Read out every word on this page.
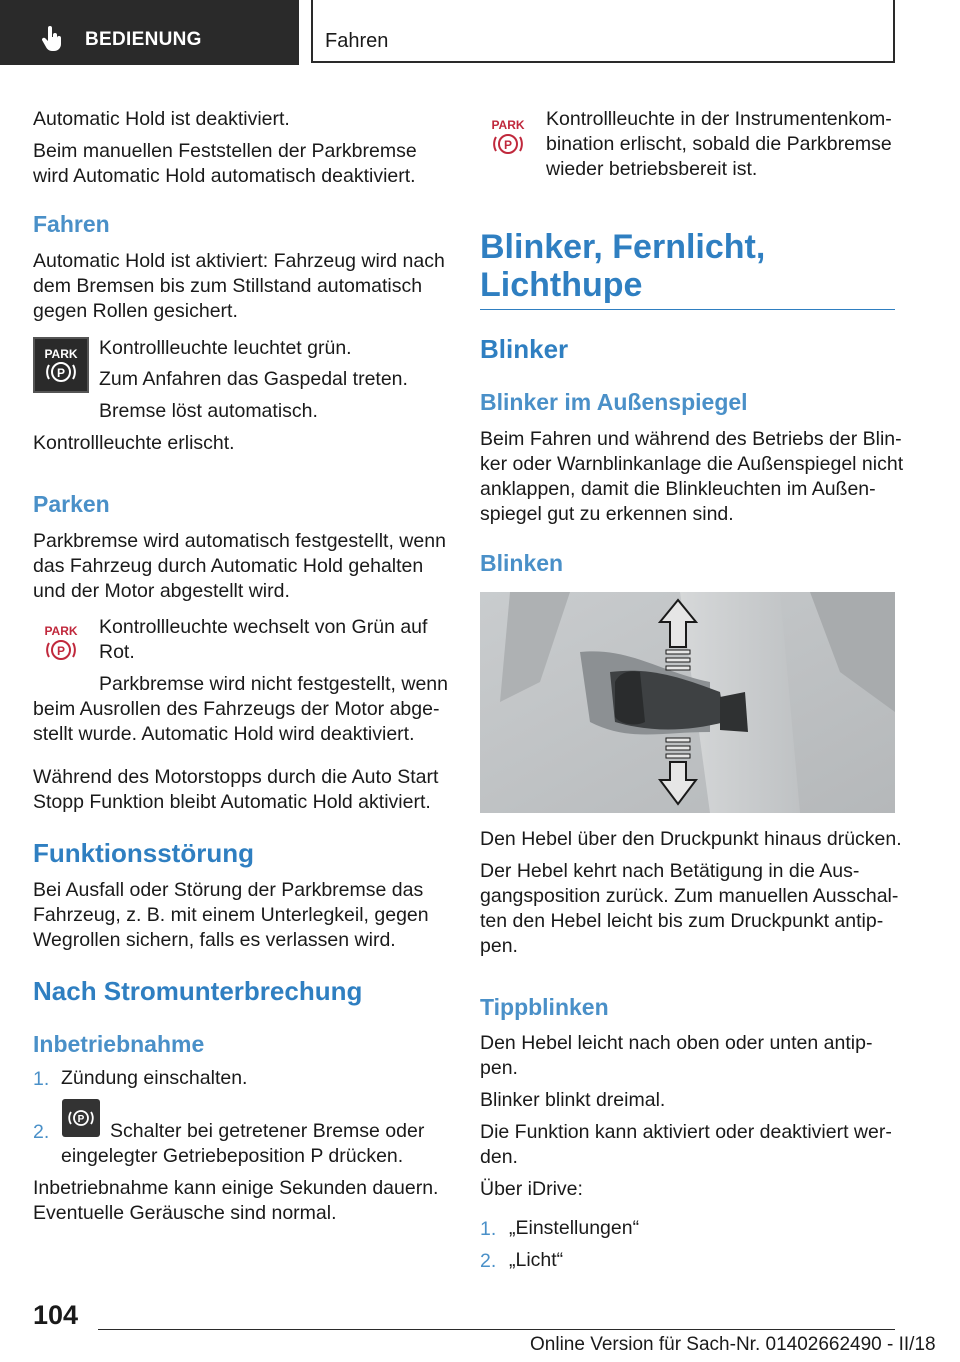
BEDIENUNG	Fahren
Automatic Hold ist deaktiviert.
Beim manuellen Feststellen der Parkbremse
wird Automatic Hold automatisch deaktiviert.
Fahren
Automatic Hold ist aktiviert: Fahrzeug wird nach
dem Bremsen bis zum Stillstand automatisch
gegen Rollen gesichert.
PARK
P
Kontrollleuchte leuchtet grün.
Zum Anfahren das Gaspedal treten.
Bremse löst automatisch.
Kontrollleuchte erlischt.
Parken
Parkbremse wird automatisch festgestellt, wenn
das Fahrzeug durch Automatic Hold gehalten
und der Motor abgestellt wird.
PARK
P
Kontrollleuchte wechselt von Grün auf
Rot.
Parkbremse wird nicht festgestellt, wenn
beim Ausrollen des Fahrzeugs der Motor abge-
stellt wurde. Automatic Hold wird deaktiviert.
Während des Motorstopps durch die Auto Start
Stopp Funktion bleibt Automatic Hold aktiviert.
Funktionsstörung
Bei Ausfall oder Störung der Parkbremse das
Fahrzeug, z. B. mit einem Unterlegkeil, gegen
Wegrollen sichern, falls es verlassen wird.
Nach Stromunterbrechung
Inbetriebnahme
1. Zündung einschalten.
2.
P
Schalter bei getretener Bremse oder
eingelegter Getriebeposition P drücken.
Inbetriebnahme kann einige Sekunden dauern.
Eventuelle Geräusche sind normal.
PARK
P
Kontrollleuchte in der Instrumentenkom-
bination erlischt, sobald die Parkbremse
wieder betriebsbereit ist.
Blinker, Fernlicht,
Lichthupe
Blinker
Blinker im Außenspiegel
Beim Fahren und während des Betriebs der Blin-
ker oder Warnblinkanlage die Außenspiegel nicht
anklappen, damit die Blinkleuchten im Außen-
spiegel gut zu erkennen sind.
Blinken
Den Hebel über den Druckpunkt hinaus drücken.
Der Hebel kehrt nach Betätigung in die Aus-
gangsposition zurück. Zum manuellen Ausschal-
ten den Hebel leicht bis zum Druckpunkt antip-
pen.
Tippblinken
Den Hebel leicht nach oben oder unten antip-
pen.
Blinker blinkt dreimal.
Die Funktion kann aktiviert oder deaktiviert wer-
den.
Über iDrive:
1. „Einstellungen“
2. „Licht“
104
Online Version für Sach-Nr. 01402662490 - II/18
